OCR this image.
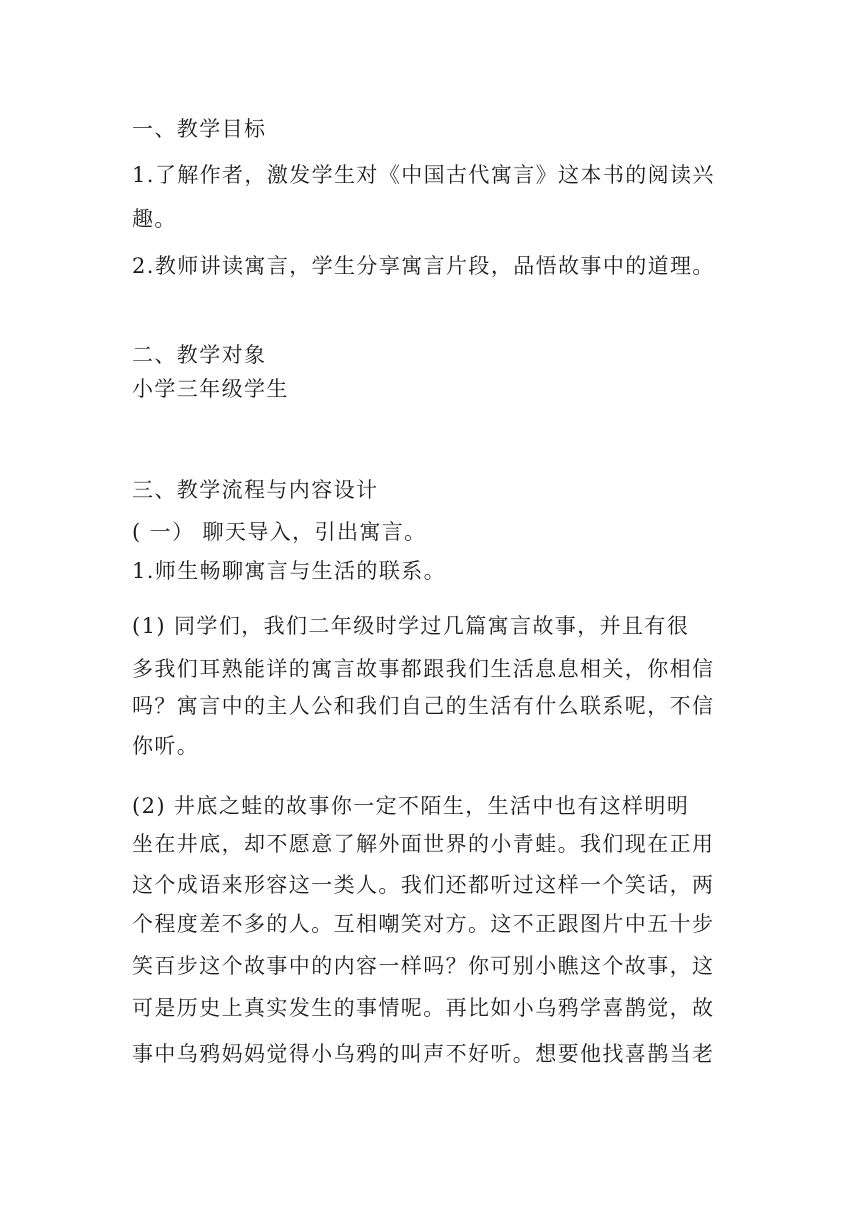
一、教学目标
1.了解作者，激发学生对《中国古代寓言》这本书的阅读兴
趣。
2.教师讲读寓言，学生分享寓言片段，品悟故事中的道理。
二、教学对象
小学三年级学生
三、教学流程与内容设计
( 一） 聊天导入，引出寓言。
1.师生畅聊寓言与生活的联系。
(1) 同学们，我们二年级时学过几篇寓言故事，并且有很
多我们耳熟能详的寓言故事都跟我们生活息息相关，你相信
吗？寓言中的主人公和我们自己的生活有什么联系呢，不信
你听。
(2) 井底之蛙的故事你一定不陌生，生活中也有这样明明
坐在井底，却不愿意了解外面世界的小青蛙。我们现在正用
这个成语来形容这一类人。我们还都听过这样一个笑话，两
个程度差不多的人。互相嘲笑对方。这不正跟图片中五十步
笑百步这个故事中的内容一样吗？你可别小瞧这个故事，这
可是历史上真实发生的事情呢。再比如小乌鸦学喜鹊觉，故
事中乌鸦妈妈觉得小乌鸦的叫声不好听。想要他找喜鹊当老
